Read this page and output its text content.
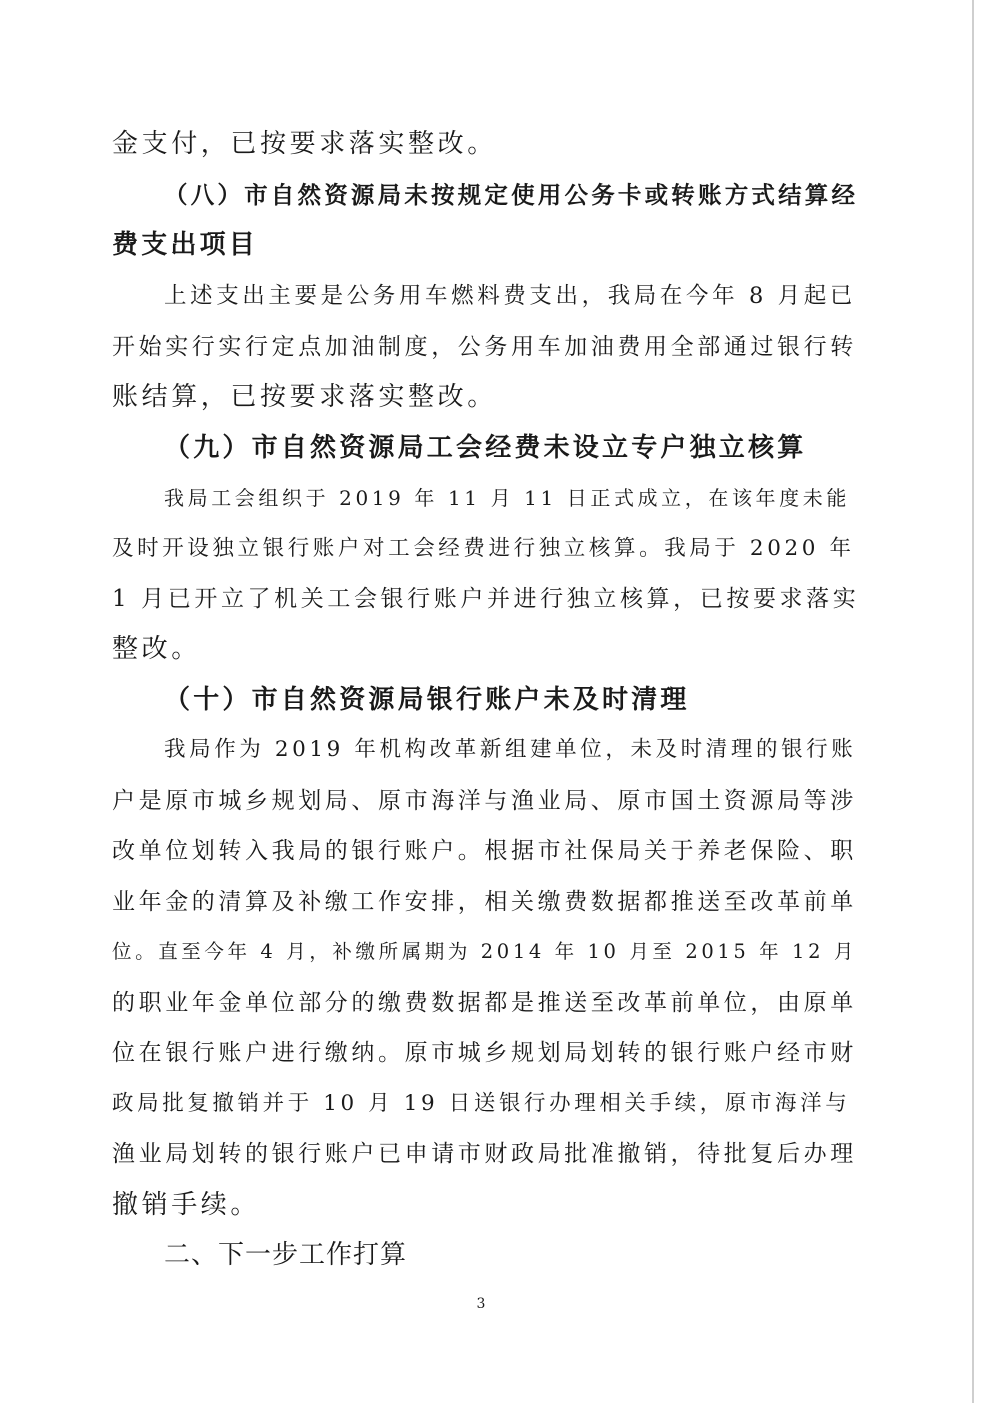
金支付，已按要求落实整改。
（八）市自然资源局未按规定使用公务卡或转账方式结算经
费支出项目
上述支出主要是公务用车燃料费支出，我局在今年 8 月起已
开始实行实行定点加油制度，公务用车加油费用全部通过银行转
账结算，已按要求落实整改。
（九）市自然资源局工会经费未设立专户独立核算
我局工会组织于 2019 年 11 月 11 日正式成立，在该年度未能
及时开设独立银行账户对工会经费进行独立核算。我局于 2020 年
1 月已开立了机关工会银行账户并进行独立核算，已按要求落实
整改。
（十）市自然资源局银行账户未及时清理
我局作为 2019 年机构改革新组建单位，未及时清理的银行账
户是原市城乡规划局、原市海洋与渔业局、原市国土资源局等涉
改单位划转入我局的银行账户。根据市社保局关于养老保险、职
业年金的清算及补缴工作安排，相关缴费数据都推送至改革前单
位。直至今年 4 月，补缴所属期为 2014 年 10 月至 2015 年 12 月
的职业年金单位部分的缴费数据都是推送至改革前单位，由原单
位在银行账户进行缴纳。原市城乡规划局划转的银行账户经市财
政局批复撤销并于 10 月 19 日送银行办理相关手续，原市海洋与
渔业局划转的银行账户已申请市财政局批准撤销，待批复后办理
撤销手续。
二、下一步工作打算
3
